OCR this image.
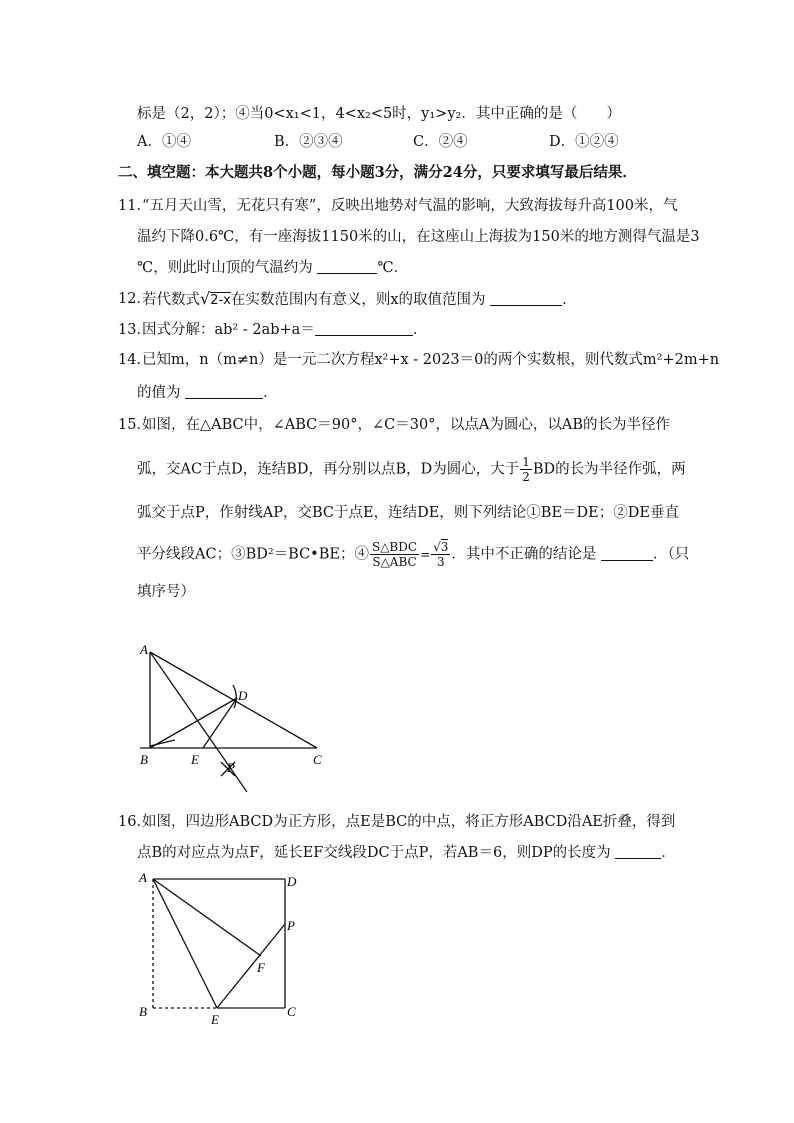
标是（2，2）；④当0<x₁<1，4<x₂<5时，y₁>y₂．其中正确的是（　　）
A．①④	B．②③④	C．②④	D．①②④
二、填空题：本大题共8个小题，每小题3分，满分24分，只要求填写最后结果．
11．
“五月天山雪，无花只有寒”，反映出地势对气温的影响，大致海拔每升高100米，气
温约下降0.6℃，有一座海拔1150米的山，在这座山上海拔为150米的地方测得气温是3
℃，则此时山顶的气温约为	℃．
12．
若代数式√2-x在实数范围内有意义，则x的取值范围为	．
13．
因式分解：ab² - 2ab+a＝	．
14．
已知m，n（m≠n）是一元二次方程x²+x - 2023＝0的两个实数根，则代数式m²+2m+n
的值为	．
15．
如图，在△ABC中，∠ABC＝90°，∠C＝30°，以点A为圆心，以AB的长为半径作
弧，交AC于点D，连结BD，再分别以点B，D为圆心，大于 $\frac{1}{2}$ BD的长为半径作弧，两
弧交于点P，作射线AP，交BC于点E，连结DE，则下列结论①BE＝DE；②DE垂直
平分线段AC；③BD²＝BC•BE；④ $\frac{\text{S△BDC}}{\text{S△ABC}} = \frac{√3}{3}$ ．其中不正确的结论是	．（只
填序号）
A
B	C
D
E
P
16．
如图，四边形ABCD为正方形，点E是BC的中点，将正方形ABCD沿AE折叠，得到
点B的对应点为点F，延长EF交线段DC于点P，若AB＝6，则DP的长度为	．
A
B	C
D
E
F
P
